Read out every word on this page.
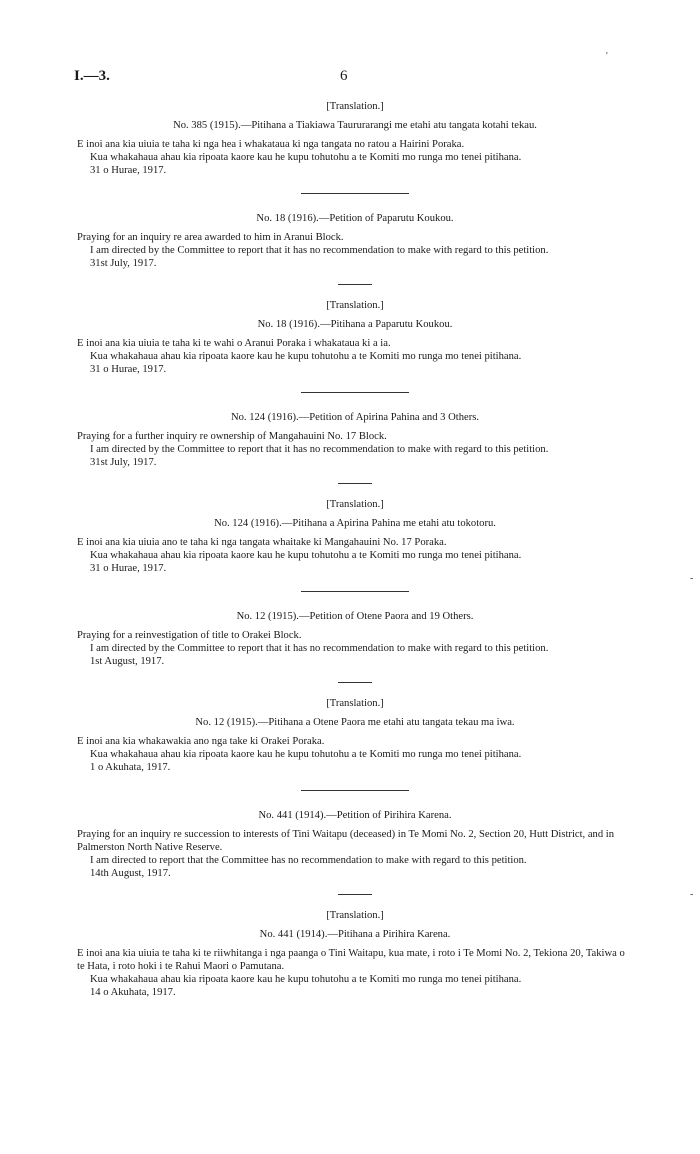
I.—3.	6
'
-
-
[Translation.]
No. 385 (1915).—Pitihana a Tiakiawa Taururarangi me etahi atu tangata kotahi tekau.

E inoi ana kia uiuia te taha ki nga hea i whakataua ki nga tangata no ratou a Hairini Poraka.

Kua whakahaua ahau kia ripoata kaore kau he kupu tohutohu a te Komiti mo runga mo tenei pitihana.

31 o Hurae, 1917.

No. 18 (1916).—Petition of Paparutu Koukou.

Praying for an inquiry re area awarded to him in Aranui Block.

I am directed by the Committee to report that it has no recommendation to make with regard to this petition.

31st July, 1917.

[Translation.]
No. 18 (1916).—Pitihana a Paparutu Koukou.

E inoi ana kia uiuia te taha ki te wahi o Aranui Poraka i whakataua ki a ia.

Kua whakahaua ahau kia ripoata kaore kau he kupu tohutohu a te Komiti mo runga mo tenei pitihana.

31 o Hurae, 1917.

No. 124 (1916).—Petition of Apirina Pahina and 3 Others.

Praying for a further inquiry re ownership of Mangahauini No. 17 Block.

I am directed by the Committee to report that it has no recommendation to make with regard to this petition.

31st July, 1917.

[Translation.]
No. 124 (1916).—Pitihana a Apirina Pahina me etahi atu tokotoru.

E inoi ana kia uiuia ano te taha ki nga tangata whaitake ki Mangahauini No. 17 Poraka.

Kua whakahaua ahau kia ripoata kaore kau he kupu tohutohu a te Komiti mo runga mo tenei pitihana.

31 o Hurae, 1917.

No. 12 (1915).—Petition of Otene Paora and 19 Others.

Praying for a reinvestigation of title to Orakei Block.

I am directed by the Committee to report that it has no recommendation to make with regard to this petition.

1st August, 1917.

[Translation.]
No. 12 (1915).—Pitihana a Otene Paora me etahi atu tangata tekau ma iwa.

E inoi ana kia whakawakia ano nga take ki Orakei Poraka.

Kua whakahaua ahau kia ripoata kaore kau he kupu tohutohu a te Komiti mo runga mo tenei pitihana.

1 o Akuhata, 1917.

No. 441 (1914).—Petition of Pirihira Karena.

Praying for an inquiry re succession to interests of Tini Waitapu (deceased) in Te Momi No. 2, Section 20, Hutt District, and in Palmerston North Native Reserve.

I am directed to report that the Committee has no recommendation to make with regard to this petition.

14th August, 1917.

[Translation.]
No. 441 (1914).—Pitihana a Pirihira Karena.

E inoi ana kia uiuia te taha ki te riiwhitanga i nga paanga o Tini Waitapu, kua mate, i roto i Te Momi No. 2, Tekiona 20, Takiwa o te Hata, i roto hoki i te Rahui Maori o Pamutana.

Kua whakahaua ahau kia ripoata kaore kau he kupu tohutohu a te Komiti mo runga mo tenei pitihana.

14 o Akuhata, 1917.
